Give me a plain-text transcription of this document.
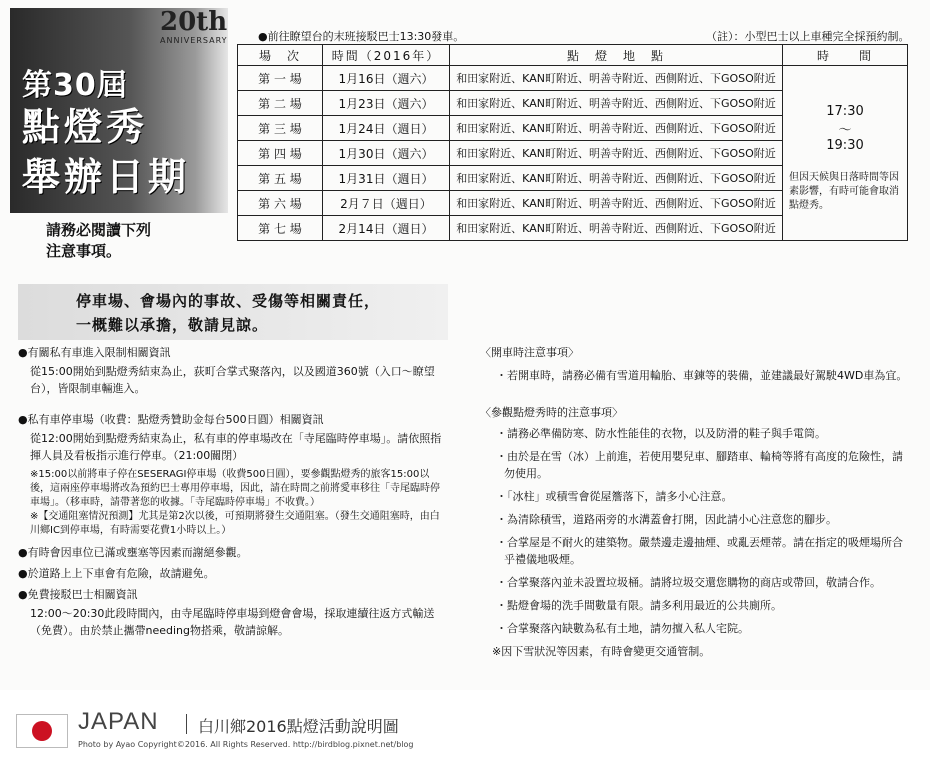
第30屆
點燈秀
舉辦日期
20th
ANNIVERSARY
請務必閱讀下列
注意事項。
●前往瞭望台的末班接駁巴士13:30發車。	（註）：小型巴士以上車種完全採預約制。
場　次	時間（2016年）	點　燈　地　點	時　　間
第 一 場	1月16日（週六）	和田家附近、KAN町附近、明善寺附近、西側附近、下GOSO附近	17:30
〜
19:30
但因天候與日落時間等因素影響，有時可能會取消點燈秀。

第 二 場	1月23日（週六）	和田家附近、KAN町附近、明善寺附近、西側附近、下GOSO附近	
第 三 場	1月24日（週日）	和田家附近、KAN町附近、明善寺附近、西側附近、下GOSO附近	
第 四 場	1月30日（週六）	和田家附近、KAN町附近、明善寺附近、西側附近、下GOSO附近	
第 五 場	1月31日（週日）	和田家附近、KAN町附近、明善寺附近、西側附近、下GOSO附近	
第 六 場	2月７日（週日）	和田家附近、KAN町附近、明善寺附近、西側附近、下GOSO附近	
第 七 場	2月14日（週日）	和田家附近、KAN町附近、明善寺附近、西側附近、下GOSO附近	
停車場、會場內的事故、受傷等相關責任，
一概難以承擔，敬請見諒。
●有關私有車進入限制相關資訊

從15:00開始到點燈秀結束為止，荻町合掌式聚落內，以及國道360號（入口〜瞭望台），皆限制車輛進入。

●私有車停車場（收費：點燈秀贊助金每台500日圓）相關資訊

從12:00開始到點燈秀結束為止，私有車的停車場改在「寺尾臨時停車場」。請依照指揮人員及看板指示進行停車。（21:00關閉）

※15:00以前將車子停在SESERAGI停車場（收費500日圓），要參觀點燈秀的旅客15:00以後，這兩座停車場將改為預約巴士專用停車場，因此，請在時間之前將愛車移往「寺尾臨時停車場」。（移車時，請帶著您的收據。「寺尾臨時停車場」不收費。）
※【交通阻塞情況預測】尤其是第2次以後，可預期將發生交通阻塞。（發生交通阻塞時，由白川鄉IC到停車場，有時需要花費1小時以上。）
●有時會因車位已滿或壅塞等因素而謝絕參觀。
●於道路上上下車會有危險，故請避免。
●免費接駁巴士相關資訊

12:00〜20:30此段時間內，由寺尾臨時停車場到燈會會場，採取連續往返方式輸送（免費）。由於禁止攜帶needing物搭乘，敬請諒解。

〈開車時注意事項〉

・若開車時，請務必備有雪道用輪胎、車鍊等的裝備，並建議最好駕駛4WD車為宜。

〈參觀點燈秀時的注意事項〉

・請務必準備防寒、防水性能佳的衣物，以及防滑的鞋子與手電筒。

・由於是在雪（冰）上前進，若使用嬰兒車、腳踏車、輪椅等將有高度的危險性，請勿使用。

・「冰柱」或積雪會從屋簷落下，請多小心注意。

・為清除積雪，道路兩旁的水溝蓋會打開，因此請小心注意您的腳步。

・合掌屋是不耐火的建築物。嚴禁邊走邊抽煙、或亂丟煙蒂。請在指定的吸煙場所合乎禮儀地吸煙。

・合掌聚落內並未設置垃圾桶。請將垃圾交還您購物的商店或帶回，敬請合作。

・點燈會場的洗手間數量有限。請多利用最近的公共廁所。

・合掌聚落內缺數為私有土地，請勿擅入私人宅院。

※因下雪狀況等因素，有時會變更交通管制。
JAPAN 白川鄉2016點燈活動說明圖
Photo by Ayao Copyright©2016. All Rights Reserved. http://birdblog.pixnet.net/blog
